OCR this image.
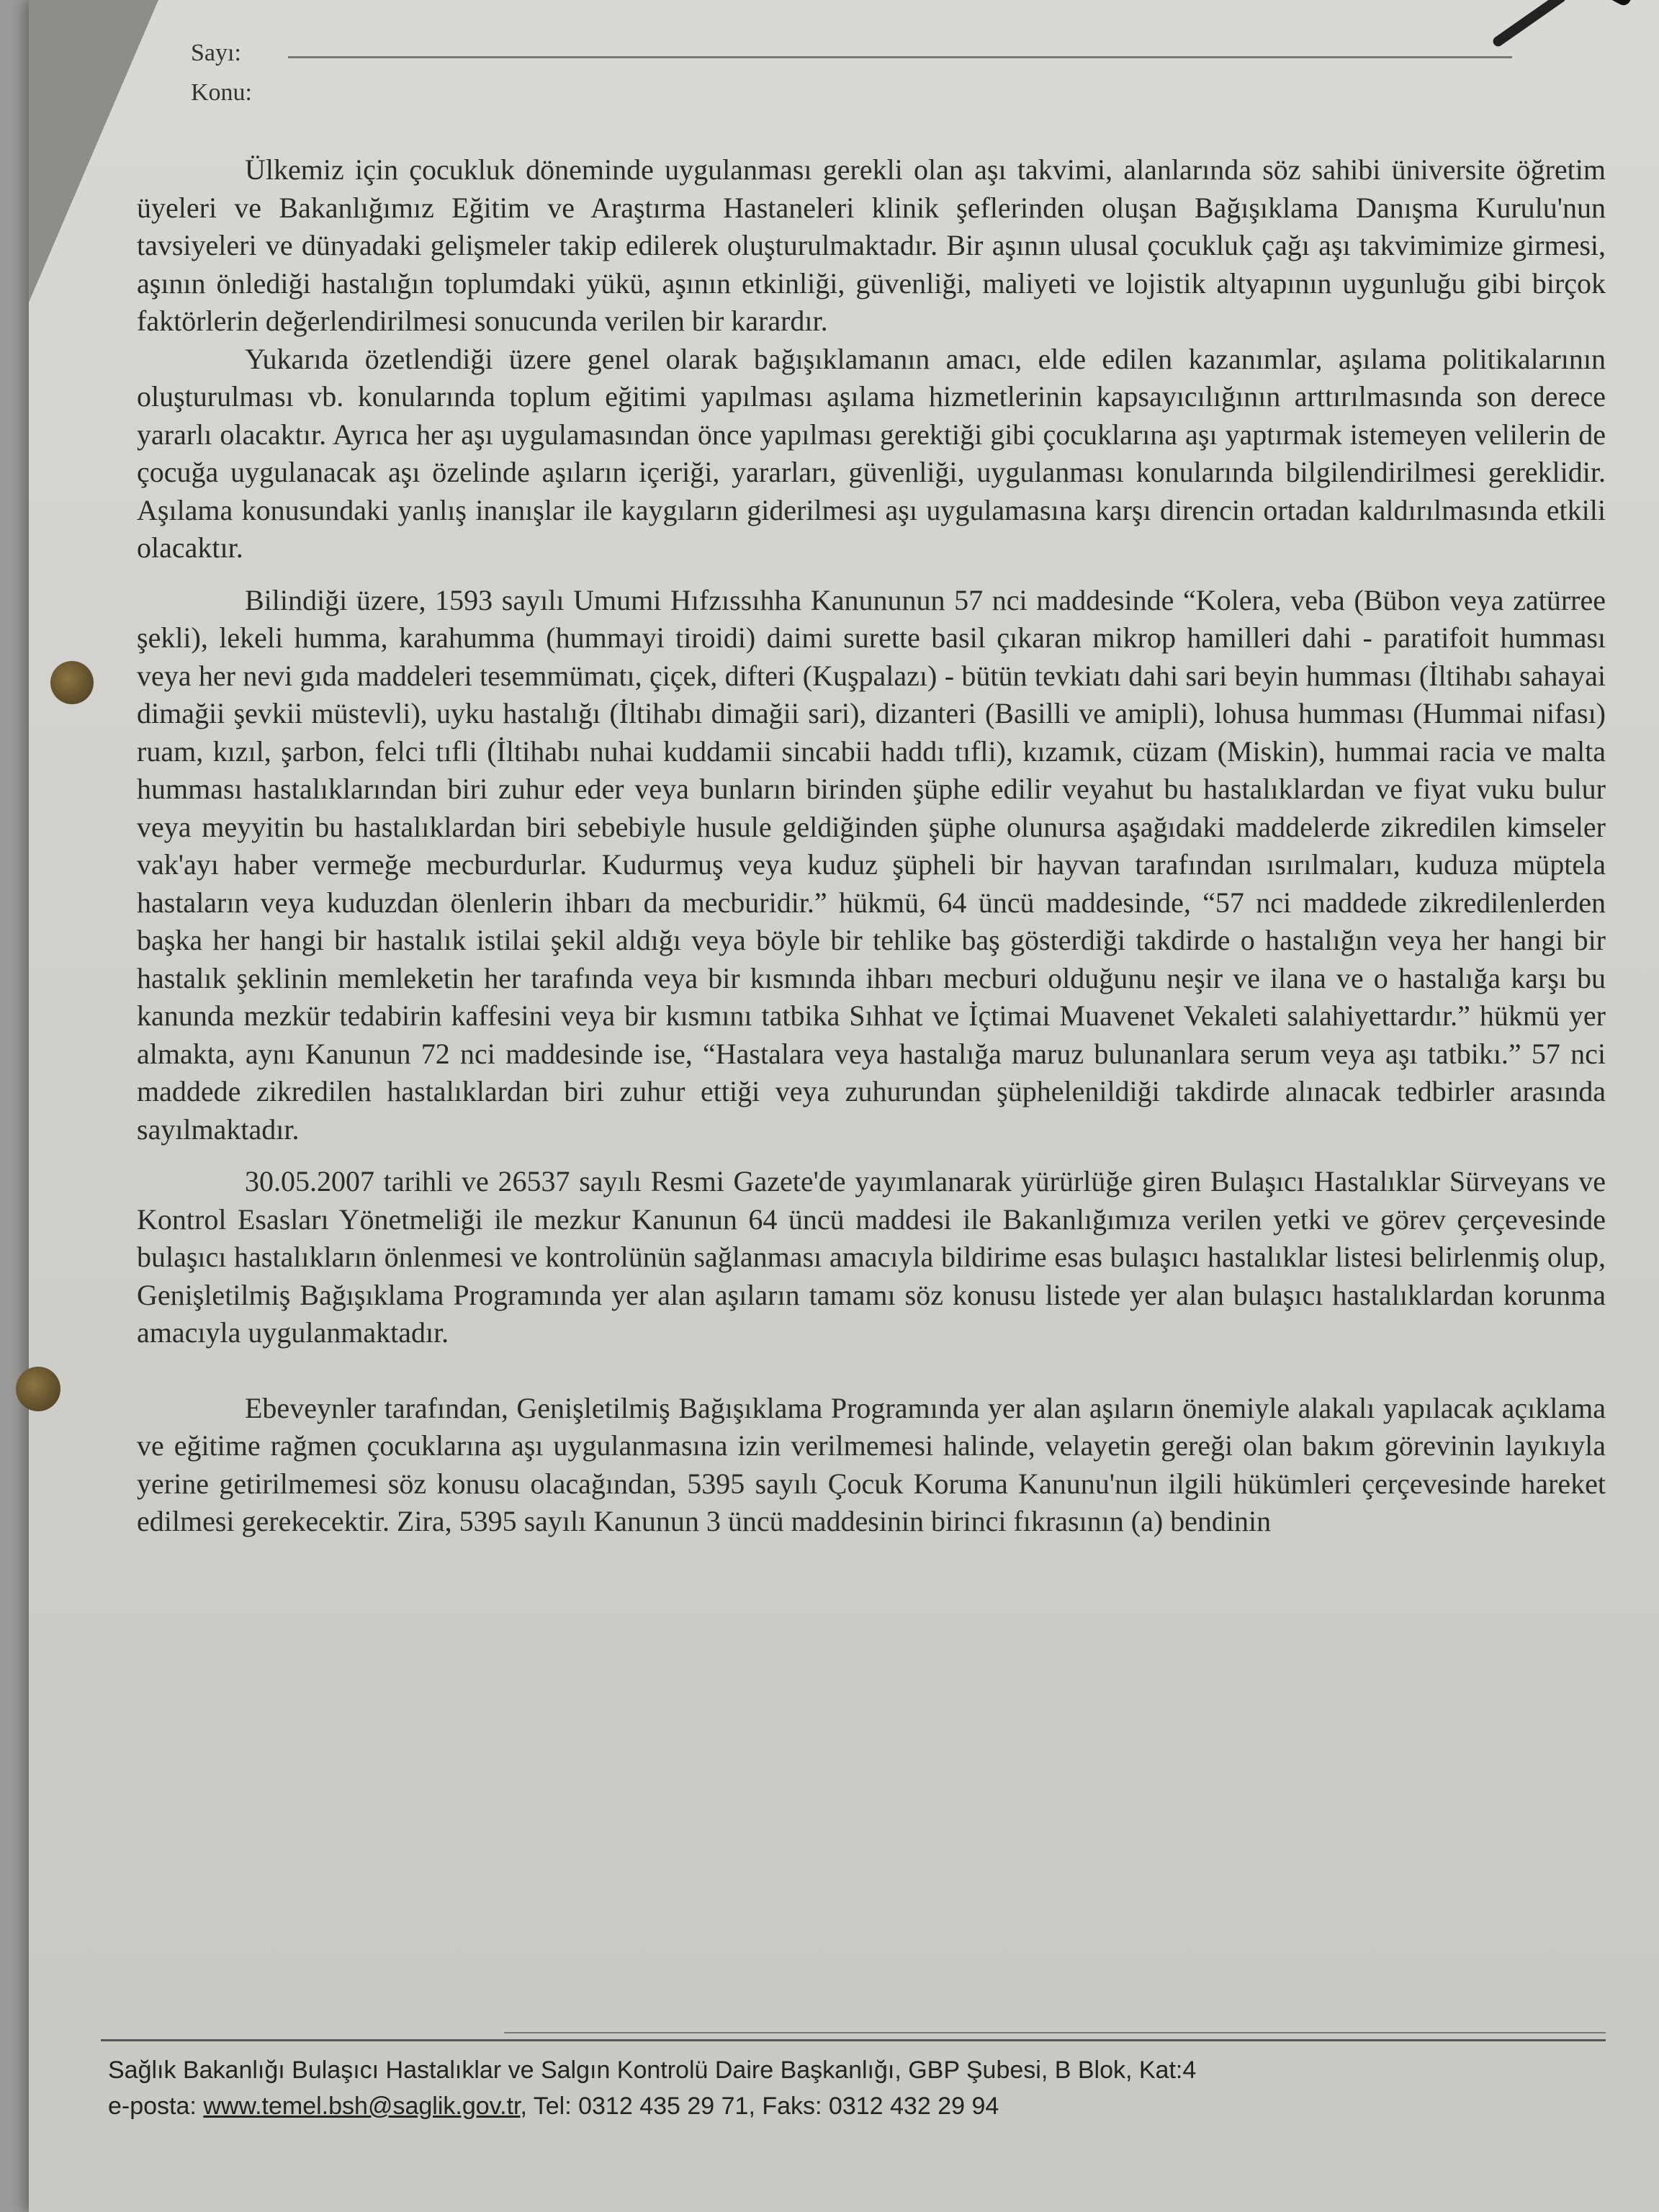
Sayı:
Konu:

Ülkemiz için çocukluk döneminde uygulanması gerekli olan aşı takvimi, alanlarında söz sahibi üniversite öğretim üyeleri ve Bakanlığımız Eğitim ve Araştırma Hastaneleri klinik şeflerinden oluşan Bağışıklama Danışma Kurulu'nun tavsiyeleri ve dünyadaki gelişmeler takip edilerek oluşturulmaktadır. Bir aşının ulusal çocukluk çağı aşı takvimimize girmesi, aşının önlediği hastalığın toplumdaki yükü, aşının etkinliği, güvenliği, maliyeti ve lojistik altyapının uygunluğu gibi birçok faktörlerin değerlendirilmesi sonucunda verilen bir karardır.

Yukarıda özetlendiği üzere genel olarak bağışıklamanın amacı, elde edilen kazanımlar, aşılama politikalarının oluşturulması vb. konularında toplum eğitimi yapılması aşılama hizmetlerinin kapsayıcılığının arttırılmasında son derece yararlı olacaktır. Ayrıca her aşı uygulamasından önce yapılması gerektiği gibi çocuklarına aşı yaptırmak istemeyen velilerin de çocuğa uygulanacak aşı özelinde aşıların içeriği, yararları, güvenliği, uygulanması konularında bilgilendirilmesi gereklidir. Aşılama konusundaki yanlış inanışlar ile kaygıların giderilmesi aşı uygulamasına karşı direncin ortadan kaldırılmasında etkili olacaktır.

Bilindiği üzere, 1593 sayılı Umumi Hıfzıssıhha Kanununun 57 nci maddesinde “Kolera, veba (Bübon veya zatürree şekli), lekeli humma, karahumma (hummayi tiroidi) daimi surette basil çıkaran mikrop hamilleri dahi - paratifoit humması veya her nevi gıda maddeleri tesemmümatı, çiçek, difteri (Kuşpalazı) - bütün tevkiatı dahi sari beyin humması (İltihabı sahayai dimağii şevkii müstevli), uyku hastalığı (İltihabı dimağii sari), dizanteri (Basilli ve amipli), lohusa humması (Hummai nifası) ruam, kızıl, şarbon, felci tıfli (İltihabı nuhai kuddamii sincabii haddı tıfli), kızamık, cüzam (Miskin), hummai racia ve malta humması hastalıklarından biri zuhur eder veya bunların birinden şüphe edilir veyahut bu hastalıklardan ve fiyat vuku bulur veya meyyitin bu hastalıklardan biri sebebiyle husule geldiğinden şüphe olunursa aşağıdaki maddelerde zikredilen kimseler vak'ayı haber vermeğe mecburdurlar. Kudurmuş veya kuduz şüpheli bir hayvan tarafından ısırılmaları, kuduza müptela hastaların veya kuduzdan ölenlerin ihbarı da mecburidir.” hükmü, 64 üncü maddesinde, “57 nci maddede zikredilenlerden başka her hangi bir hastalık istilai şekil aldığı veya böyle bir tehlike baş gösterdiği takdirde o hastalığın veya her hangi bir hastalık şeklinin memleketin her tarafında veya bir kısmında ihbarı mecburi olduğunu neşir ve ilana ve o hastalığa karşı bu kanunda mezkür tedabirin kaffesini veya bir kısmını tatbika Sıhhat ve İçtimai Muavenet Vekaleti salahiyettardır.” hükmü yer almakta, aynı Kanunun 72 nci maddesinde ise, “Hastalara veya hastalığa maruz bulunanlara serum veya aşı tatbikı.” 57 nci maddede zikredilen hastalıklardan biri zuhur ettiği veya zuhurundan şüphelenildiği takdirde alınacak tedbirler arasında sayılmaktadır.

30.05.2007 tarihli ve 26537 sayılı Resmi Gazete'de yayımlanarak yürürlüğe giren Bulaşıcı Hastalıklar Sürveyans ve Kontrol Esasları Yönetmeliği ile mezkur Kanunun 64 üncü maddesi ile Bakanlığımıza verilen yetki ve görev çerçevesinde bulaşıcı hastalıkların önlenmesi ve kontrolünün sağlanması amacıyla bildirime esas bulaşıcı hastalıklar listesi belirlenmiş olup, Genişletilmiş Bağışıklama Programında yer alan aşıların tamamı söz konusu listede yer alan bulaşıcı hastalıklardan korunma amacıyla uygulanmaktadır.

Ebeveynler tarafından, Genişletilmiş Bağışıklama Programında yer alan aşıların önemiyle alakalı yapılacak açıklama ve eğitime rağmen çocuklarına aşı uygulanmasına izin verilmemesi halinde, velayetin gereği olan bakım görevinin layıkıyla yerine getirilmemesi söz konusu olacağından, 5395 sayılı Çocuk Koruma Kanunu'nun ilgili hükümleri çerçevesinde hareket edilmesi gerekecektir. Zira, 5395 sayılı Kanunun 3 üncü maddesinin birinci fıkrasının (a) bendinin

Sağlık Bakanlığı Bulaşıcı Hastalıklar ve Salgın Kontrolü Daire Başkanlığı, GBP Şubesi, B Blok, Kat:4
e-posta: www.temel.bsh@saglik.gov.tr, Tel: 0312 435 29 71, Faks: 0312 432 29 94
